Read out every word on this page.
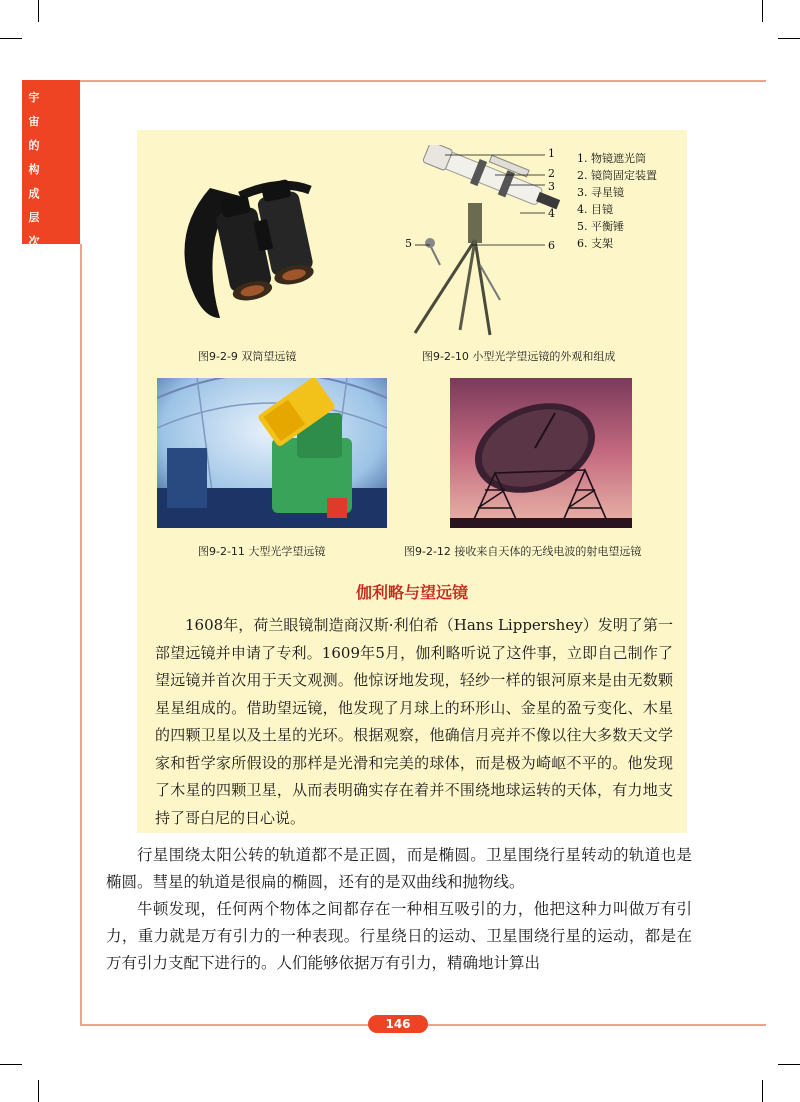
宇
宙
的
构
成
层
次
图9-2-9 双筒望远镜
1
2
3
4
5	6
1. 物镜遮光筒
2. 镜筒固定装置
3. 寻星镜
4. 目镜
5. 平衡锤
6. 支架
图9-2-10 小型光学望远镜的外观和组成
图9-2-11 大型光学望远镜	图9-2-12 接收来自天体的无线电波的射电望远镜
伽利略与望远镜

1608年，荷兰眼镜制造商汉斯·利伯希（Hans Lippershey）发明了第一部望远镜并申请了专利。1609年5月，伽利略听说了这件事，立即自己制作了望远镜并首次用于天文观测。他惊讶地发现，轻纱一样的银河原来是由无数颗星星组成的。借助望远镜，他发现了月球上的环形山、金星的盈亏变化、木星的四颗卫星以及土星的光环。根据观察，他确信月亮并不像以往大多数天文学家和哲学家所假设的那样是光滑和完美的球体，而是极为崎岖不平的。他发现了木星的四颗卫星，从而表明确实存在着并不围绕地球运转的天体，有力地支持了哥白尼的日心说。

行星围绕太阳公转的轨道都不是正圆，而是椭圆。卫星围绕行星转动的轨道也是椭圆。彗星的轨道是很扁的椭圆，还有的是双曲线和抛物线。

牛顿发现，任何两个物体之间都存在一种相互吸引的力，他把这种力叫做万有引力，重力就是万有引力的一种表现。行星绕日的运动、卫星围绕行星的运动，都是在万有引力支配下进行的。人们能够依据万有引力，精确地计算出

146
